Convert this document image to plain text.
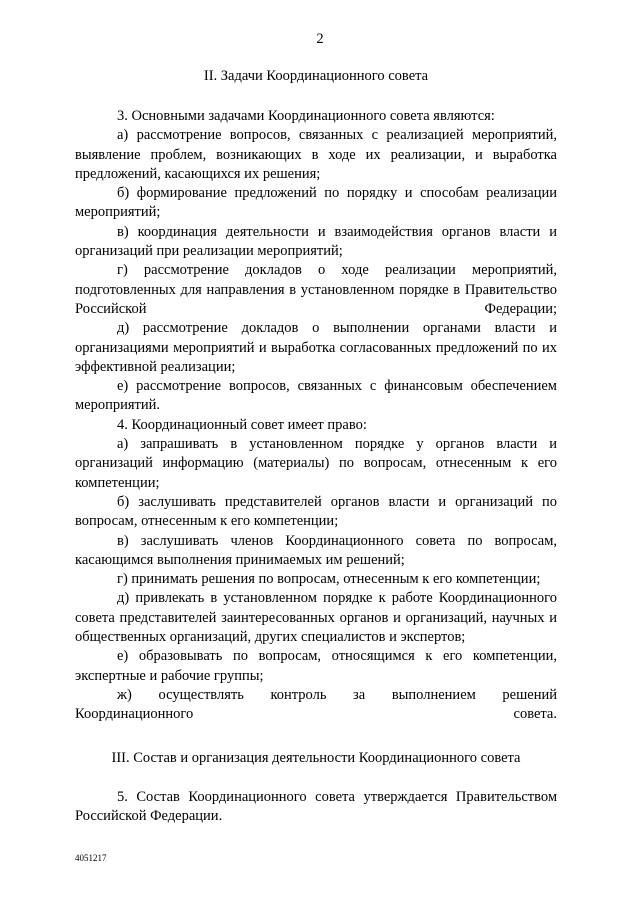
2
II. Задачи Координационного совета

3. Основными задачами Координационного совета являются:

а) рассмотрение вопросов, связанных с реализацией мероприятий, выявление проблем, возникающих в ходе их реализации, и выработка предложений, касающихся их решения;

б) формирование предложений по порядку и способам реализации мероприятий;

в) координация деятельности и взаимодействия органов власти и организаций при реализации мероприятий;

г) рассмотрение докладов о ходе реализации мероприятий, подготовленных для направления в установленном порядке в Правительство Российской Федерации;

д) рассмотрение докладов о выполнении органами власти и организациями мероприятий и выработка согласованных предложений по их эффективной реализации;

е) рассмотрение вопросов, связанных с финансовым обеспечением мероприятий.

4. Координационный совет имеет право:

а) запрашивать в установленном порядке у органов власти и организаций информацию (материалы) по вопросам, отнесенным к его компетенции;

б) заслушивать представителей органов власти и организаций по вопросам, отнесенным к его компетенции;

в) заслушивать членов Координационного совета по вопросам, касающимся выполнения принимаемых им решений;

г) принимать решения по вопросам, отнесенным к его компетенции;

д) привлекать в установленном порядке к работе Координационного совета представителей заинтересованных органов и организаций, научных и общественных организаций, других специалистов и экспертов;

е) образовывать по вопросам, относящимся к его компетенции, экспертные и рабочие группы;

ж) осуществлять контроль за выполнением решений Координационного совета.

III. Состав и организация деятельности Координационного совета

5. Состав Координационного совета утверждается Правительством Российской Федерации.

4051217
